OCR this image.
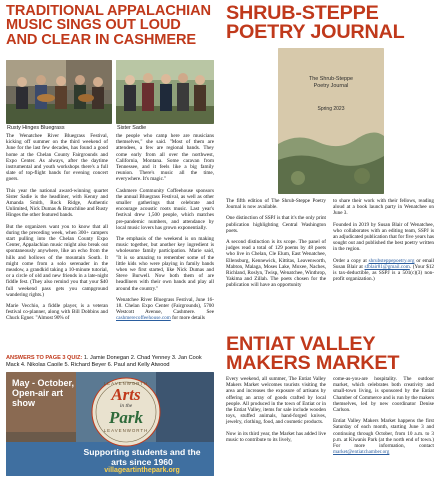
TRADITIONAL APPALACHIAN MUSIC SINGS OUT LOUD AND CLEAR IN CASHMERE
Rusty Hinges Bluegrass	Sister Sadie

The Wenatchee River Bluegrass Festival, kicking off summer on the third weekend of June for the last few decades, has found a good home at the Chelan County Fairgrounds and Expo Center. As always, after the daytime instrumental and youth workshops there's a full slate of top-flight bands for evening concert goers.

This year the national award-winning quartet Sister Sadie is the headliner, with Kenny and Amanda Smith, Rock Ridge, Authentic Unlimited, Nick Dumas & Branchline and Rusty Hinges the other featured bands.

But the organizers want you to know that all during the preceding week, when 300+ campers start pulling into the Chelan County Expo Center, Appalachian music might also break out spontaneously anywhere, like an echo from the hills and hollows of the mountain South. It might come from a solo serenader in the meadow, a grandkid taking a 10-minute tutorial, or a circle of old and new friends in a late-night fiddle fest. (They also remind you that your $40 full weekend pass gets you campground wandering rights.)

Marie Vecchio, a fiddle player, is a veteran festival co-planner, along with Bill Dobbins and Chuck Egner. "Almost 90% of

the people who camp here are musicians themselves," she said. "Most of them are attendees, a few are regional bands. They come early from all over the northwest, California, Montana. Some caravan from Tennessee, and it feels like a big family reunion. There's music all the time, everywhere. It's magic."

Cashmere Community Coffeehouse sponsors the annual Bluegrass Festival, as well as other smaller gatherings that celebrate and encourage acoustic roots music. Last year's festival drew 1,500 people, which matches pre-pandemic numbers, and attendance by local music lovers has grown exponentially.

The emphasis of the weekend is on making music together, but another key ingredient is wholesome family participation. Marie said, "It is so amazing to remember some of the little kids who were playing in family bands when we first started, like Nick Dumas and Steve Burwell. Now both them of are headliners with their own bands and play all around the country."

Wenatchee River Bluegrass Festival, June 16-18. Chelan Expo Center (Fairgrounds), 5700 Westcott Avenue, Cashmere. See cashmerecoffeehouse.com for more details

ANSWERS TO PAGE 3 QUIZ: 1. Jamie Donegan 2. Chad Yenney 3. Jan Cook Mack 4. Nikolas Caoile 5. Richard Beyer 6. Paul and Kelly Atwood
May - October, Open-air art show
LEAVENWORTH
Arts
in the
Park
LEAVENWORTH
Supporting students and the arts since 1960
villageartinthepark.org
SHRUB-STEPPE POETRY JOURNAL
The Shrub-Steppe Poetry Journal
Spring 2023

The fifth edition of The Shrub-Steppe Poetry Journal is now available.

One distinction of SSPJ is that it's the only print publication highlighting Central Washington poets.

A second distinction is its scope. The panel of judges read a total of 129 poems by 48 poets who live in Chelan, Cle Elum, East Wenatchee, Ellensburg, Kennewick, Kittitas, Leavenworth, Mabton, Malaga, Moses Lake, Moxee, Naches, Richland, Roslyn, Twisp, Wenatchee, Winthrop, Yakima and Zillah. The poets chosen for the publication will have an opportunity

to share their work with their fellows, reading aloud at a book launch party in Wenatchee on June 3.

Founded in 2019 by Susan Blair of Wenatchee, who collaborates with an editing team, SSPJ is an adjudicated publication that for five years has sought out and published the best poetry written in the region.

Order a copy at shrubsteppepoetry.org or email Susan Blair at sfblair81@gmail.com. (Your $12 is tax-deductible, as SSPJ is a 501(c)(3) non-profit organization.)

ENTIAT VALLEY MAKERS MARKET

Every weekend, all summer, The Entiat Valley Makers Market welcomes tourists visiting the area and increases the exposure of artisans by offering an array of goods crafted by local people. All produced in the town of Entiat or in the Entiat Valley, items for sale include wooden toys, stuffed animals, hand-forged knives, jewelry, clothing, food, and cosmetic products.

Now in its third year, the Market has added live music to contribute to its lively,

come-as-you-are hospitality. The outdoor market, which celebrates both creativity and small-town living, is sponsored by the Entiat Chamber of Commerce and is run by the makers themselves, led by new coordinator Denise Carlson.

Entiat Valley Makers Market happens the first Saturday of each month, starting June 3 and continuing through October, from 10 a.m. to 3 p.m. at Kiwanis Park (at the north end of town.) For more information, contact market@entiatchamber.org
